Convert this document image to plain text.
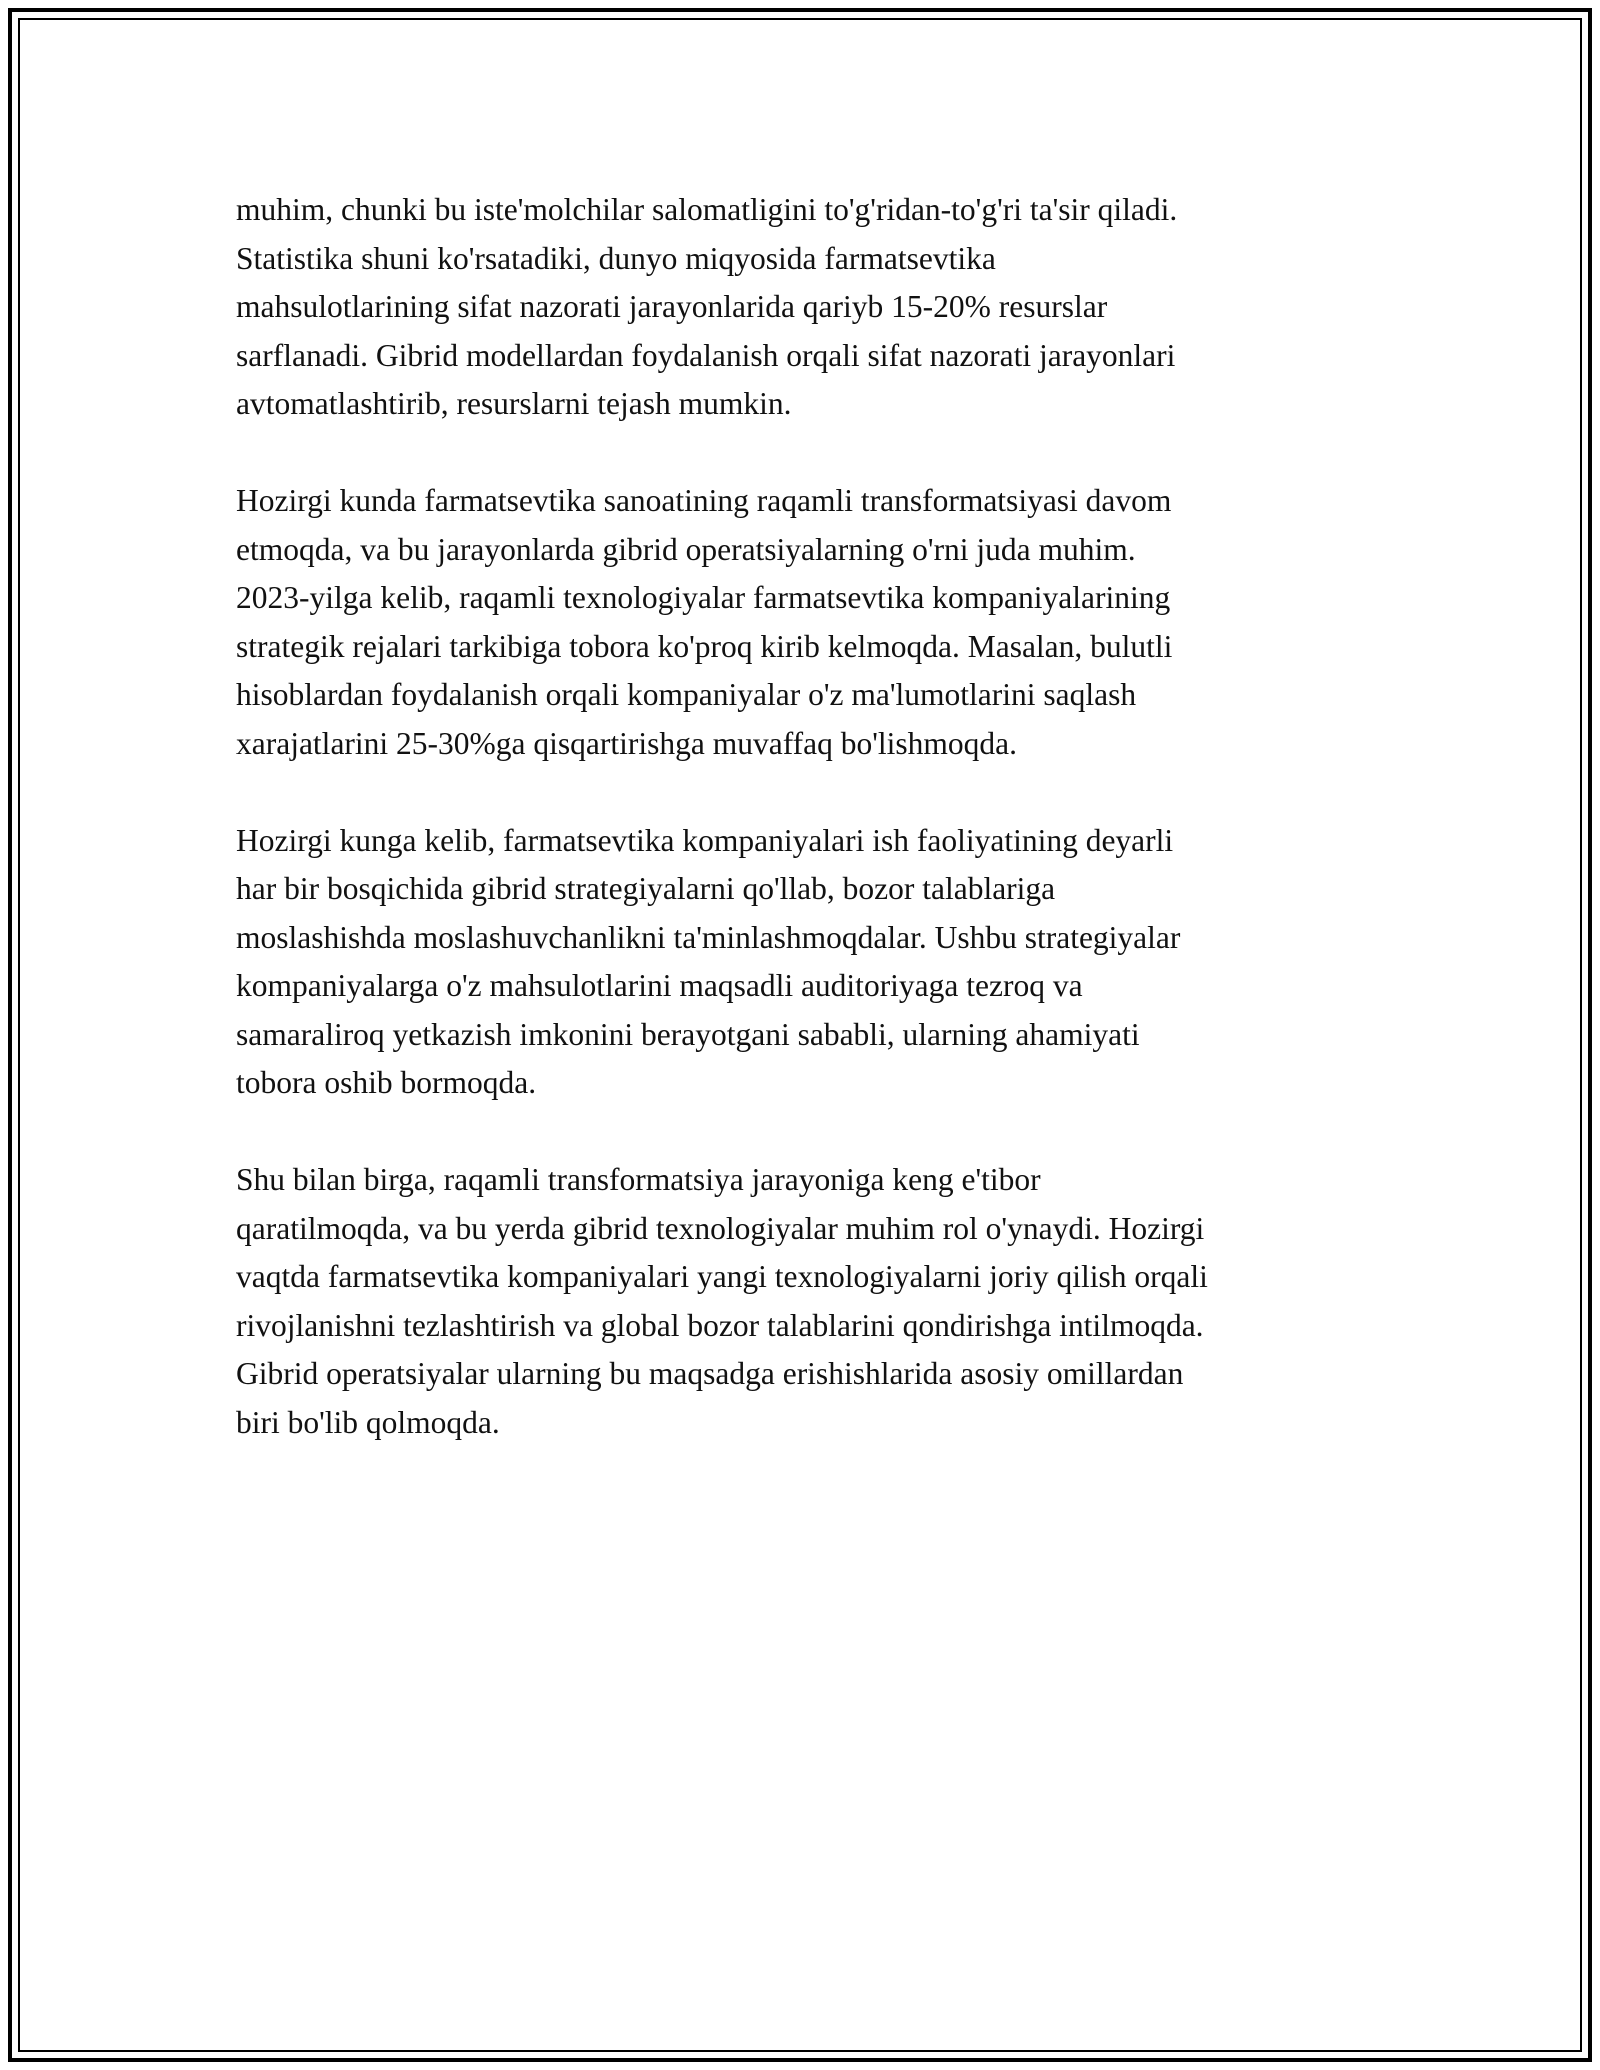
muhim, chunki bu iste'molchilar salomatligini to'g'ridan-to'g'ri ta'sir qiladi.
Statistika shuni ko'rsatadiki, dunyo miqyosida farmatsevtika
mahsulotlarining sifat nazorati jarayonlarida qariyb 15-20% resurslar
sarflanadi. Gibrid modellardan foydalanish orqali sifat nazorati jarayonlari
avtomatlashtirib, resurslarni tejash mumkin.

Hozirgi kunda farmatsevtika sanoatining raqamli transformatsiyasi davom
etmoqda, va bu jarayonlarda gibrid operatsiyalarning o'rni juda muhim.
2023-yilga kelib, raqamli texnologiyalar farmatsevtika kompaniyalarining
strategik rejalari tarkibiga tobora ko'proq kirib kelmoqda. Masalan, bulutli
hisoblardan foydalanish orqali kompaniyalar o'z ma'lumotlarini saqlash
xarajatlarini 25-30%ga qisqartirishga muvaffaq bo'lishmoqda.

Hozirgi kunga kelib, farmatsevtika kompaniyalari ish faoliyatining deyarli
har bir bosqichida gibrid strategiyalarni qo'llab, bozor talablariga
moslashishda moslashuvchanlikni ta'minlashmoqdalar. Ushbu strategiyalar
kompaniyalarga o'z mahsulotlarini maqsadli auditoriyaga tezroq va
samaraliroq yetkazish imkonini berayotgani sababli, ularning ahamiyati
tobora oshib bormoqda.

Shu bilan birga, raqamli transformatsiya jarayoniga keng e'tibor
qaratilmoqda, va bu yerda gibrid texnologiyalar muhim rol o'ynaydi. Hozirgi
vaqtda farmatsevtika kompaniyalari yangi texnologiyalarni joriy qilish orqali
rivojlanishni tezlashtirish va global bozor talablarini qondirishga intilmoqda.
Gibrid operatsiyalar ularning bu maqsadga erishishlarida asosiy omillardan
biri bo'lib qolmoqda.
